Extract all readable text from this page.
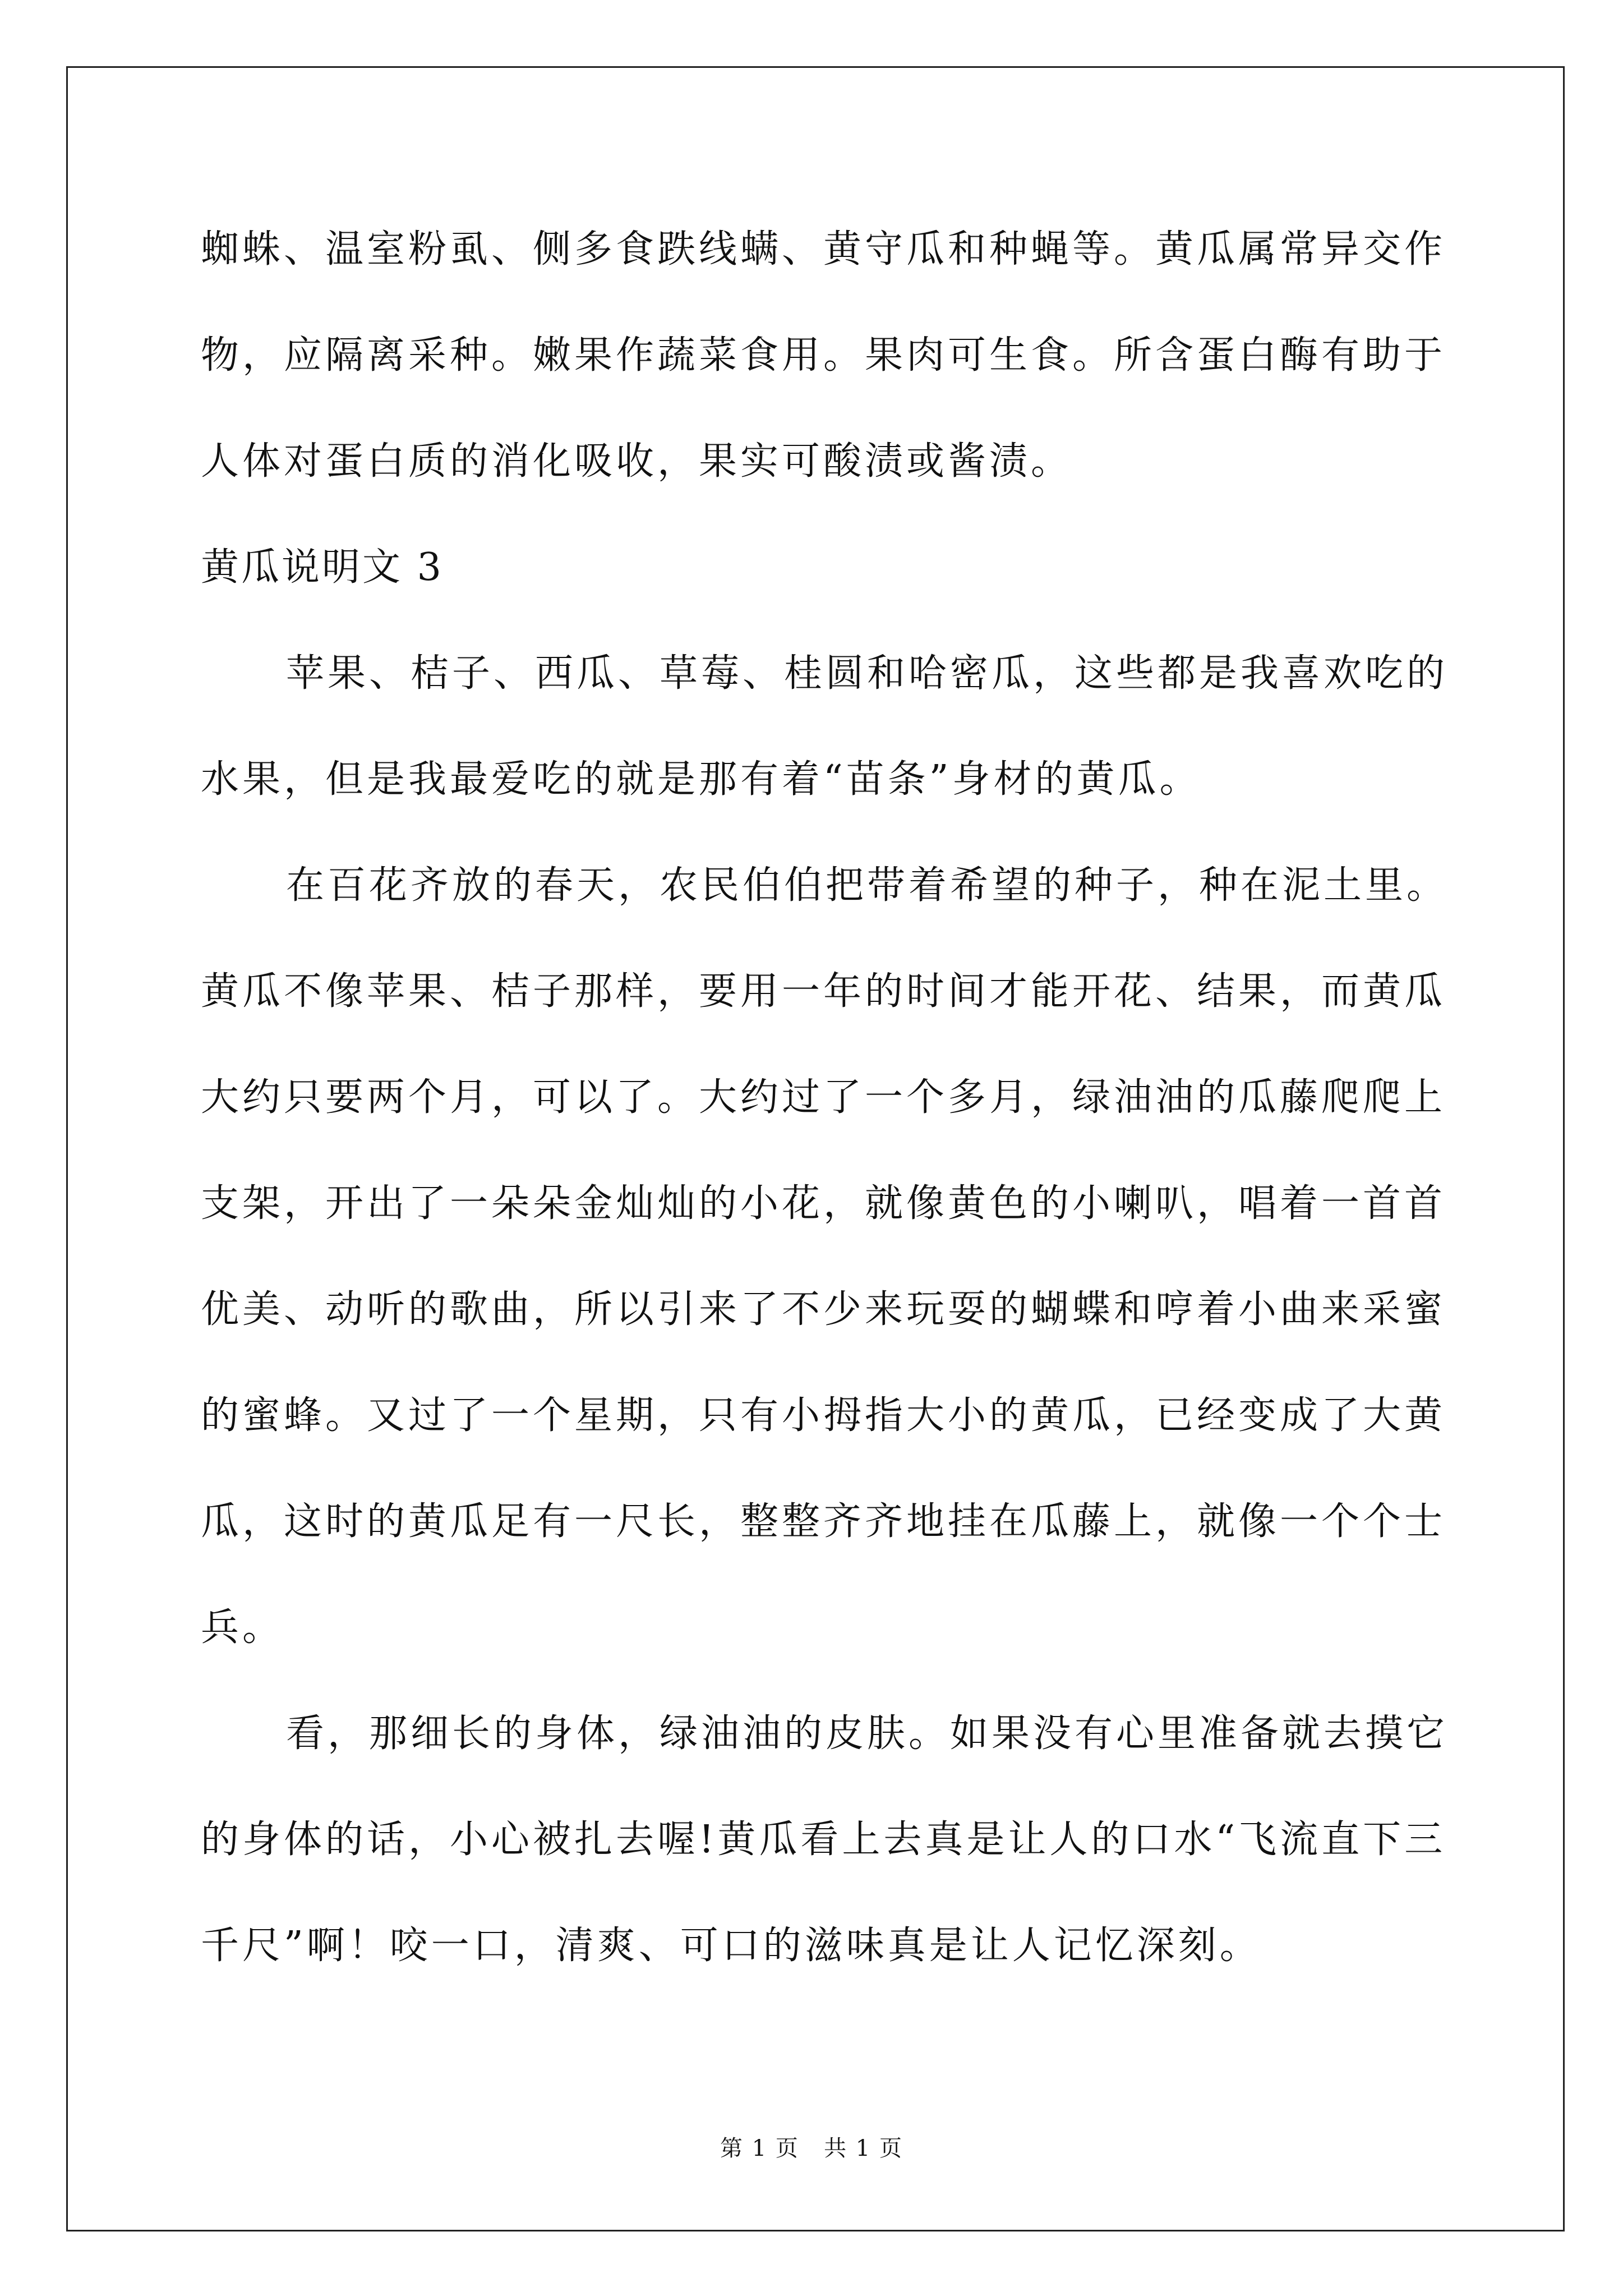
蜘蛛、温室粉虱、侧多食跌线螨、黄守瓜和种蝇等。黄瓜属常异交作
物，应隔离采种。嫩果作蔬菜食用。果肉可生食。所含蛋白酶有助于
人体对蛋白质的消化吸收，果实可酸渍或酱渍。
黄瓜说明文 3
苹果、桔子、西瓜、草莓、桂圆和哈密瓜，这些都是我喜欢吃的
水果，但是我最爱吃的就是那有着“苗条”身材的黄瓜。
在百花齐放的春天，农民伯伯把带着希望的种子，种在泥土里。
黄瓜不像苹果、桔子那样，要用一年的时间才能开花、结果，而黄瓜
大约只要两个月，可以了。大约过了一个多月，绿油油的瓜藤爬爬上
支架，开出了一朵朵金灿灿的小花，就像黄色的小喇叭，唱着一首首
优美、动听的歌曲，所以引来了不少来玩耍的蝴蝶和哼着小曲来采蜜
的蜜蜂。又过了一个星期，只有小拇指大小的黄瓜，已经变成了大黄
瓜，这时的黄瓜足有一尺长，整整齐齐地挂在瓜藤上，就像一个个士
兵。
看，那细长的身体，绿油油的皮肤。如果没有心里准备就去摸它
的身体的话，小心被扎去喔!黄瓜看上去真是让人的口水“飞流直下三
千尺”啊！咬一口，清爽、可口的滋味真是让人记忆深刻。
第 1 页 共 1 页
